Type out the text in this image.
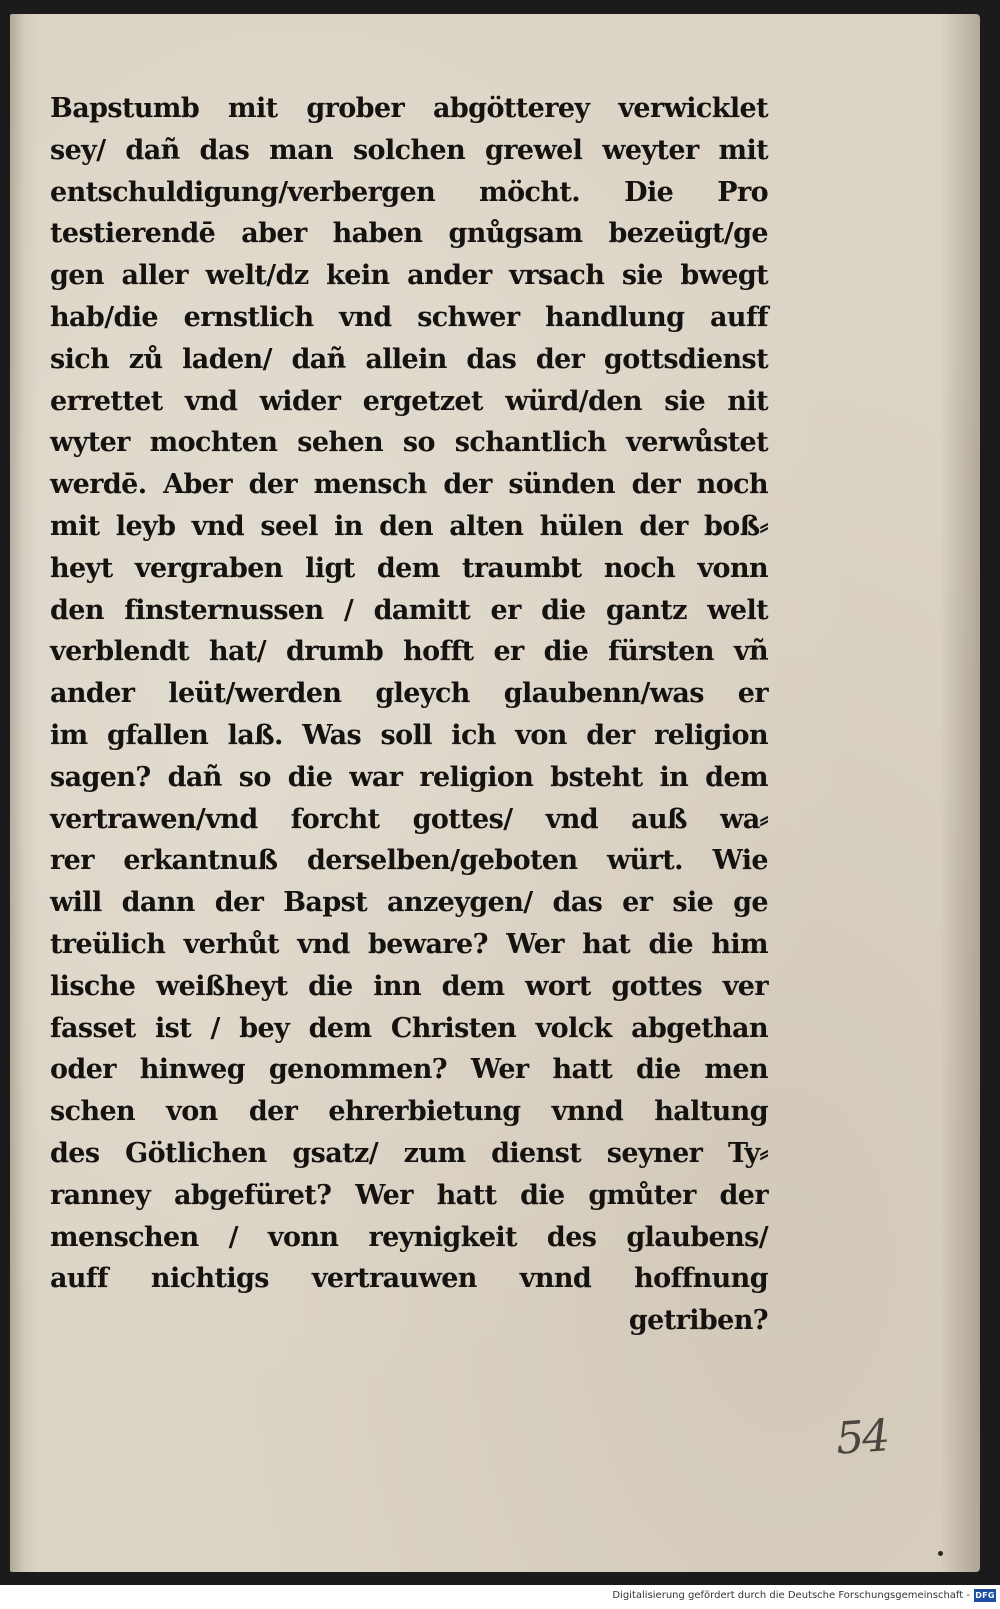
Bapstumb mit grober abgötterey verwicklet
sey/ dañ das man solchen grewel weyter mit
entschuldigung/verbergen möcht. Die Pro
testierendē aber haben gnůgsam bezeügt/ge
gen aller welt/dz kein ander vrsach sie bwegt
hab/die ernstlich vnd schwer handlung auff
sich zů laden/ dañ allein das der gottsdienst
errettet vnd wider ergetzet würd/den sie nit
wyter mochten sehen so schantlich verwůstet
werdē. Aber der mensch der sünden der noch
mit leyb vnd seel in den alten hülen der boß⸗
heyt vergraben ligt dem traumbt noch vonn
den finsternussen / damitt er die gantz welt
verblendt hat/ drumb hofft er die fürsten vñ
ander leüt/werden gleych glaubenn/was er
im gfallen laß. Was soll ich von der religion
sagen? dañ so die war religion bsteht in dem
vertrawen/vnd forcht gottes/ vnd auß wa⸗
rer erkantnuß derselben/geboten würt. Wie
will dann der Bapst anzeygen/ das er sie ge
treülich verhůt vnd beware? Wer hat die him
lische weißheyt die inn dem wort gottes ver
fasset ist / bey dem Christen volck abgethan
oder hinweg genommen? Wer hatt die men
schen von der ehrerbietung vnnd haltung
des Götlichen gsatz/ zum dienst seyner Ty⸗
ranney abgefüret? Wer hatt die gmůter der
menschen / vonn reynigkeit des glaubens/
auff nichtigs vertrauwen vnnd hoffnung
getriben?
54
Digitalisierung gefördert durch die Deutsche Forschungsgemeinschaft - DFG
